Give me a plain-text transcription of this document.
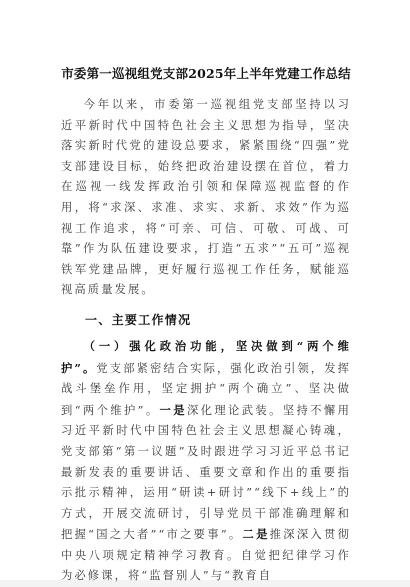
市委第一巡视组党支部2025年上半年党建工作总结

今年以来，市委第一巡视组党支部坚持以习近平新时代中国特色社会主义思想为指导，坚决落实新时代党的建设总要求，紧紧围绕“四强”党支部建设目标，始终把政治建设摆在首位，着力在巡视一线发挥政治引领和保障巡视监督的作用，将“求深、求准、求实、求新、求效”作为巡视工作追求，将“可亲、可信、可敬、可战、可靠”作为队伍建设要求，打造“五求”“五可”巡视铁军党建品牌，更好履行巡视工作任务，赋能巡视高质量发展。

一、主要工作情况

（一）强化政治功能，坚决做到“两个维护”。党支部紧密结合实际，强化政治引领，发挥战斗堡垒作用，坚定拥护“两个确立”、坚决做到“两个维护”。一是深化理论武装。坚持不懈用习近平新时代中国特色社会主义思想凝心铸魂，党支部第“第一议题”及时跟进学习习近平总书记最新发表的重要讲话、重要文章和作出的重要指示批示精神，运用“研读+研讨”“线下+线上”的方式，开展交流研讨，引导党员干部准确理解和把握“国之大者”“市之要事”。二是推深深入贯彻中央八项规定精神学习教育。自觉把纪律学习作为必修课，将“监督别人”与“教育自
